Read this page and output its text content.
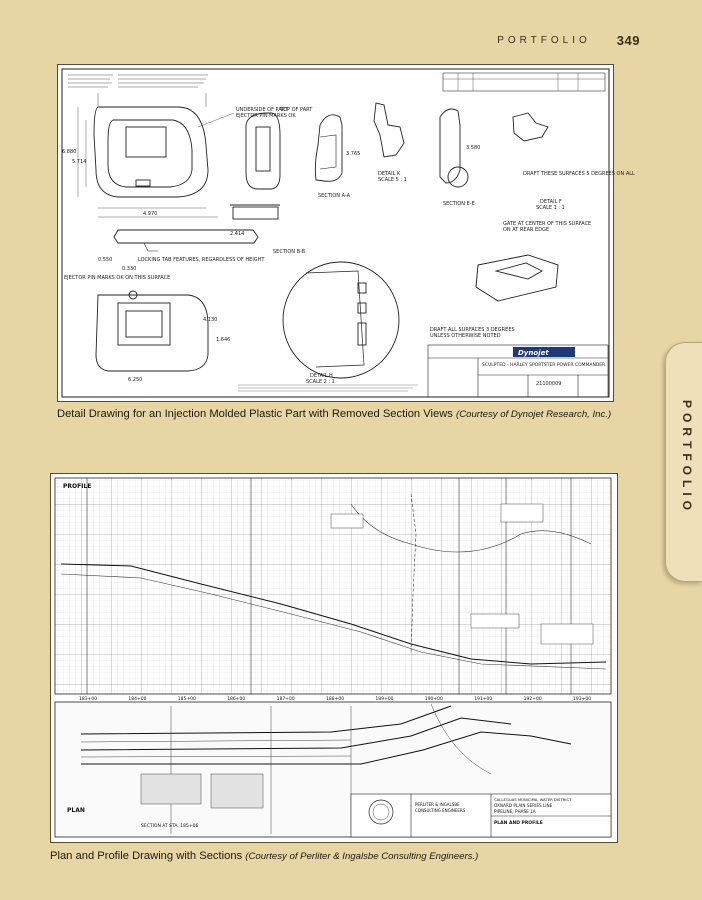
PORTFOLIO 349
PORTFOLIO
6.880
5.714
4.970
UNDERSIDE OF PART
EJECTOR PIN MARKS OK
TOP OF PART
SECTION A-A
3.765
DETAIL K
SCALE 5 : 1
SECTION E-E
3.580
DRAFT THESE SURFACES 5 DEGREES ON ALL
DETAIL F
SCALE 1 : 1
SECTION B-B
2.414
LOCKING TAB FEATURES, REGARDLESS OF HEIGHT
GATE AT CENTER OF THIS SURFACE
ON AT REAR EDGE
EJECTOR PIN MARKS OK ON THIS SURFACE
0.550
0.330
1.646
4.130
6.250
DETAIL H
SCALE 2 : 1
DRAFT ALL SURFACES 3 DEGREES
UNLESS OTHERWISE NOTED
Dynojet
SCULPTED - HARLEY SPORTSTER POWER COMMANDER
21100009
Detail Drawing for an Injection Molded Plastic Part with Removed Section Views (Courtesy of Dynojet Research, Inc.)
PROFILE
183+00	184+00	185+00	186+00	187+00	188+00	189+00	190+00	191+00	192+00	193+00
PLAN
SECTION AT STA. 185+06
PERLITER & INGALSBE
CONSULTING ENGINEERS
CALLEGUAS MUNICIPAL WATER DISTRICT
OXNARD PLAIN SERIES LINE
PIPELINE, PHASE 1A
PLAN AND PROFILE
Plan and Profile Drawing with Sections (Courtesy of Perliter & Ingalsbe Consulting Engineers.)
